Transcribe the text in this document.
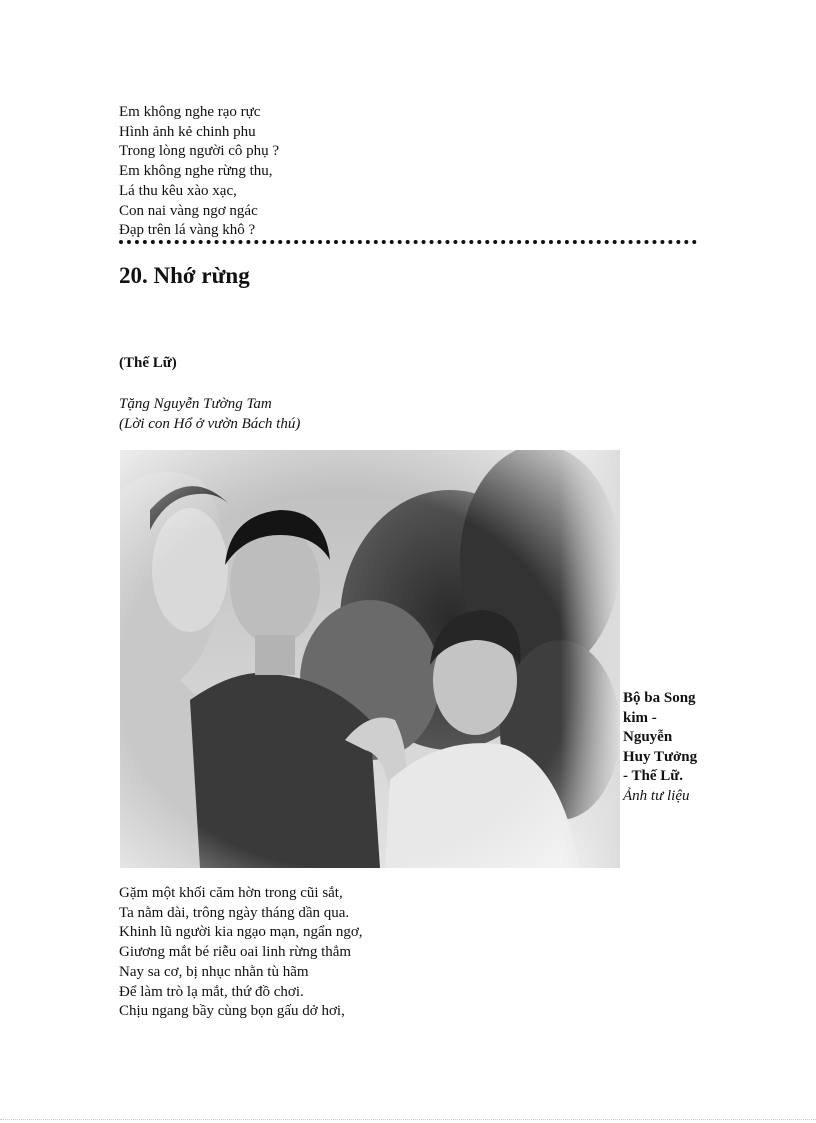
Em không nghe rạo rực
Hình ảnh kẻ chinh phu
Trong lòng người cô phụ ?
Em không nghe rừng thu,
Lá thu kêu xào xạc,
Con nai vàng ngơ ngác
Đạp trên lá vàng khô ?
20. Nhớ rừng
(Thế Lữ)
Tặng Nguyễn Tường Tam
(Lời con Hổ ở vườn Bách thú)
Bộ ba Song kim - Nguyễn Huy Tưởng - Thế Lữ.
Ảnh tư liệu
Gặm một khối căm hờn trong cũi sắt,
Ta nằm dài, trông ngày tháng dần qua.
Khinh lũ người kia ngạo mạn, ngẩn ngơ,
Giương mắt bé riễu oai linh rừng thẳm
Nay sa cơ, bị nhục nhằn tù hãm
Để làm trò lạ mắt, thứ đồ chơi.
Chịu ngang bầy cùng bọn gấu dở hơi,
